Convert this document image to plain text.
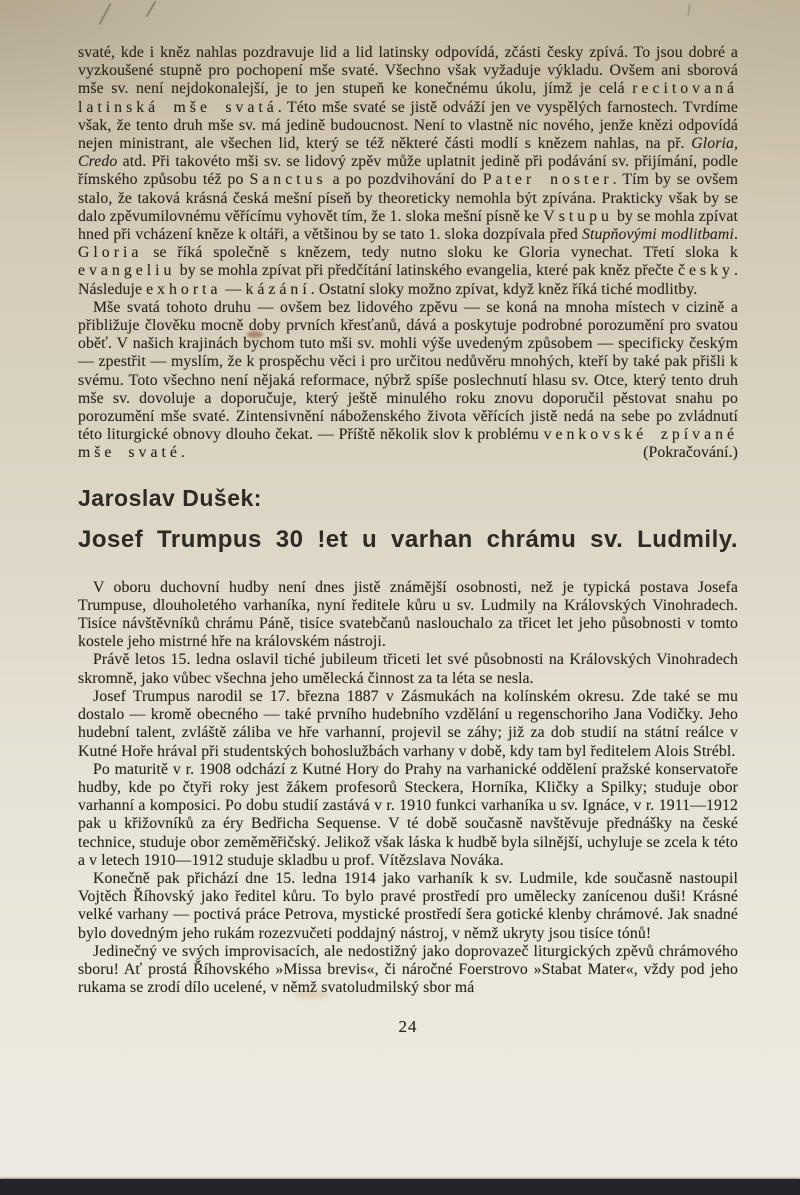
svaté, kde i kněz nahlas pozdravuje lid a lid latinsky odpovídá, zčásti česky zpívá. To jsou dobré a vyzkoušené stupně pro pochopení mše svaté. Všechno však vyžaduje výkladu. Ovšem ani sborová mše sv. není nejdokonalejší, je to jen stupeň ke konečnému úkolu, jímž je celá recitovaná latinská mše svatá. Této mše svaté se jistě odváží jen ve vyspělých farnostech. Tvrdíme však, že tento druh mše sv. má jedině budoucnost. Není to vlastně nic nového, jenže knězi odpovídá nejen ministrant, ale všechen lid, který se též některé části modlí s knězem nahlas, na př. Gloria, Credo atd. Při takovéto mši sv. se lidový zpěv může uplatnit jedině při podávání sv. přijímání, podle římského způsobu též po Sanctus a po pozdvihování do Pater noster. Tím by se ovšem stalo, že taková krásná česká mešní píseň by theoreticky nemohla být zpívána. Prakticky však by se dalo zpěvumilovnému věřícímu vyhovět tím, že 1. sloka mešní písně ke Vstupu by se mohla zpívat hned při vcházení kněze k oltáři, a většinou by se tato 1. sloka dozpívala před Stupňovými modlitbami. Gloria se říká společně s knězem, tedy nutno sloku ke Gloria vynechat. Třetí sloka k evangeliu by se mohla zpívat při předčítání latinského evangelia, které pak kněz přečte česky. Následuje exhorta — kázání. Ostatní sloky možno zpívat, když kněz říká tiché modlitby.

Mše svatá tohoto druhu — ovšem bez lidového zpěvu — se koná na mnoha místech v cizině a přibližuje člověku mocně doby prvních křesťanů, dává a poskytuje podrobné porozumění pro svatou oběť. V našich krajinách bychom tuto mši sv. mohli výše uvedeným způsobem — specificky českým — zpestřit — myslím, že k prospěchu věci i pro určitou nedůvěru mnohých, kteří by také pak přišli k svému. Toto všechno není nějaká reformace, nýbrž spíše poslechnutí hlasu sv. Otce, který tento druh mše sv. dovoluje a doporučuje, který ještě minulého roku znovu doporučil pěstovat snahu po porozumění mše svaté. Zintensivnění náboženského života věřících jistě nedá na sebe po zvládnutí této liturgické obnovy dlouho čekat. — Příště několik slov k problému venkovské zpívané mše svaté.	(Pokračování.)

Jaroslav Dušek:
Josef Trumpus 30 !et u varhan chrámu sv. Ludmily.

V oboru duchovní hudby není dnes jistě známější osobnosti, než je typická postava Josefa Trumpuse, dlouholetého varhaníka, nyní ředitele kůru u sv. Ludmily na Královských Vinohradech. Tisíce návštěvníků chrámu Páně, tisíce svatebčanů naslouchalo za třicet let jeho působnosti v tomto kostele jeho mistrné hře na královském nástroji.

Právě letos 15. ledna oslavil tiché jubileum třiceti let své působnosti na Královských Vinohradech skromně, jako vůbec všechna jeho umělecká činnost za ta léta se nesla.

Josef Trumpus narodil se 17. března 1887 v Zásmukách na kolínském okresu. Zde také se mu dostalo — kromě obecného — také prvního hudebního vzdělání u regenschoriho Jana Vodičky. Jeho hudební talent, zvláště záliba ve hře varhanní, projevil se záhy; již za dob studií na státní reálce v Kutné Hoře hrával při studentských bohoslužbách varhany v době, kdy tam byl ředitelem Alois Strébl.

Po maturitě v r. 1908 odchází z Kutné Hory do Prahy na varhanické oddělení pražské konservatoře hudby, kde po čtyři roky jest žákem profesorů Steckera, Horníka, Kličky a Spilky; studuje obor varhanní a komposici. Po dobu studií zastává v r. 1910 funkci varhaníka u sv. Ignáce, v r. 1911—1912 pak u křižovníků za éry Bedřicha Sequense. V té době současně navštěvuje přednášky na české technice, studuje obor zeměměřičský. Jelikož však láska k hudbě byla silnější, uchyluje se zcela k této a v letech 1910—1912 studuje skladbu u prof. Vítězslava Nováka.

Konečně pak přichází dne 15. ledna 1914 jako varhaník k sv. Ludmile, kde současně nastoupil Vojtěch Říhovský jako ředitel kůru. To bylo pravé prostředí pro umělecky zanícenou duši! Krásné velké varhany — poctivá práce Petrova, mystické prostředí šera gotické klenby chrámové. Jak snadné bylo dovedným jeho rukám rozezvučeti poddajný nástroj, v němž ukryty jsou tisíce tónů!

Jedinečný ve svých improvisacích, ale nedostižný jako doprovazeč liturgických zpěvů chrámového sboru! Ať prostá Říhovského »Missa brevis«, či náročné Foerstrovo »Stabat Mater«, vždy pod jeho rukama se zrodí dílo ucelené, v němž svatoludmilský sbor má

24
